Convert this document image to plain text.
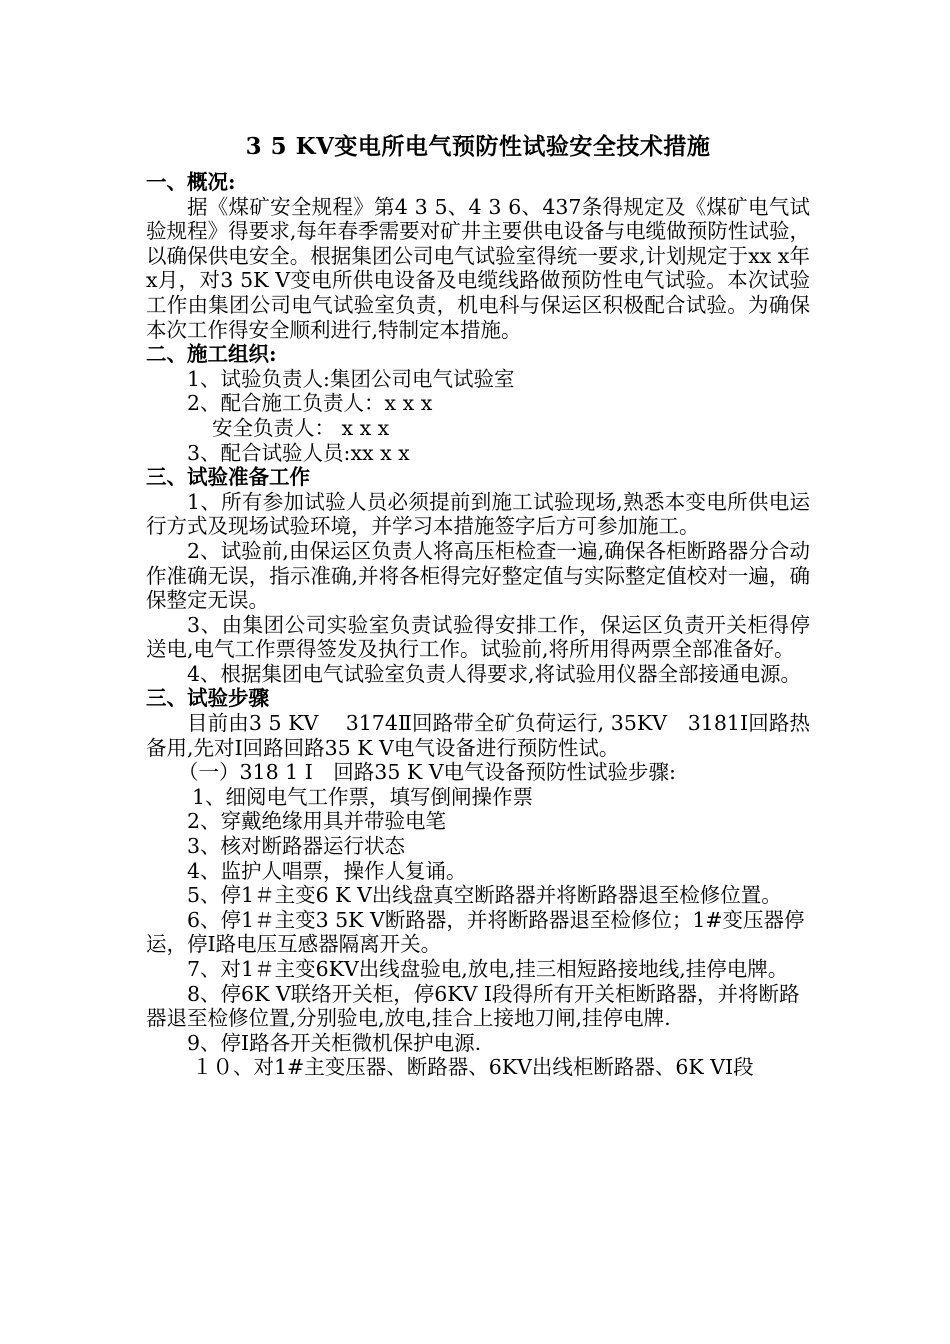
3 5 KV变电所电气预防性试验安全技术措施

一、概况:

据《煤矿安全规程》第4 3 5、4 3 6、437条得规定及《煤矿电气试验规程》得要求,每年春季需要对矿井主要供电设备与电缆做预防性试验，以确保供电安全。根据集团公司电气试验室得统一要求,计划规定于xx x年x月，对3 5K V变电所供电设备及电缆线路做预防性电气试验。本次试验工作由集团公司电气试验室负责，机电科与保运区积极配合试验。为确保本次工作得安全顺利进行,特制定本措施。

二、施工组织:

1、试验负责人:集团公司电气试验室

2、配合施工负责人：x x x

安全负责人： x x x

3、配合试验人员:xx x x

三、试验准备工作

1、所有参加试验人员必须提前到施工试验现场,熟悉本变电所供电运行方式及现场试验环境，并学习本措施签字后方可参加施工。

2、试验前,由保运区负责人将高压柜检查一遍,确保各柜断路器分合动作准确无误，指示准确,并将各柜得完好整定值与实际整定值校对一遍，确保整定无误。

3、由集团公司实验室负责试验得安排工作，保运区负责开关柜得停送电,电气工作票得签发及执行工作。试验前,将所用得两票全部准备好。

4、根据集团电气试验室负责人得要求,将试验用仪器全部接通电源。

三、试验步骤

目前由3 5 KV　 3174Ⅱ回路带全矿负荷运行, 35KV　3181Ⅰ回路热备用,先对Ⅰ回路回路35 K V电气设备进行预防性试。

（一）318 1 Ⅰ　回路35 K V电气设备预防性试验步骤:

1、细阅电气工作票，填写倒闸操作票

2、穿戴绝缘用具并带验电笔

3、核对断路器运行状态

4、监护人唱票，操作人复诵。

5、停1＃主变6 K V出线盘真空断路器并将断路器退至检修位置。

6、停1＃主变3 5K V断路器，并将断路器退至检修位；1#变压器停运，停Ⅰ路电压互感器隔离开关。

7、对1＃主变6KV出线盘验电,放电,挂三相短路接地线,挂停电牌。

8、停6K V联络开关柜，停6KV Ⅰ段得所有开关柜断路器，并将断路器退至检修位置,分别验电,放电,挂合上接地刀闸,挂停电牌.

9、停Ⅰ路各开关柜微机保护电源.

１０、对1#主变压器、断路器、6KV出线柜断路器、6K VⅠ段
